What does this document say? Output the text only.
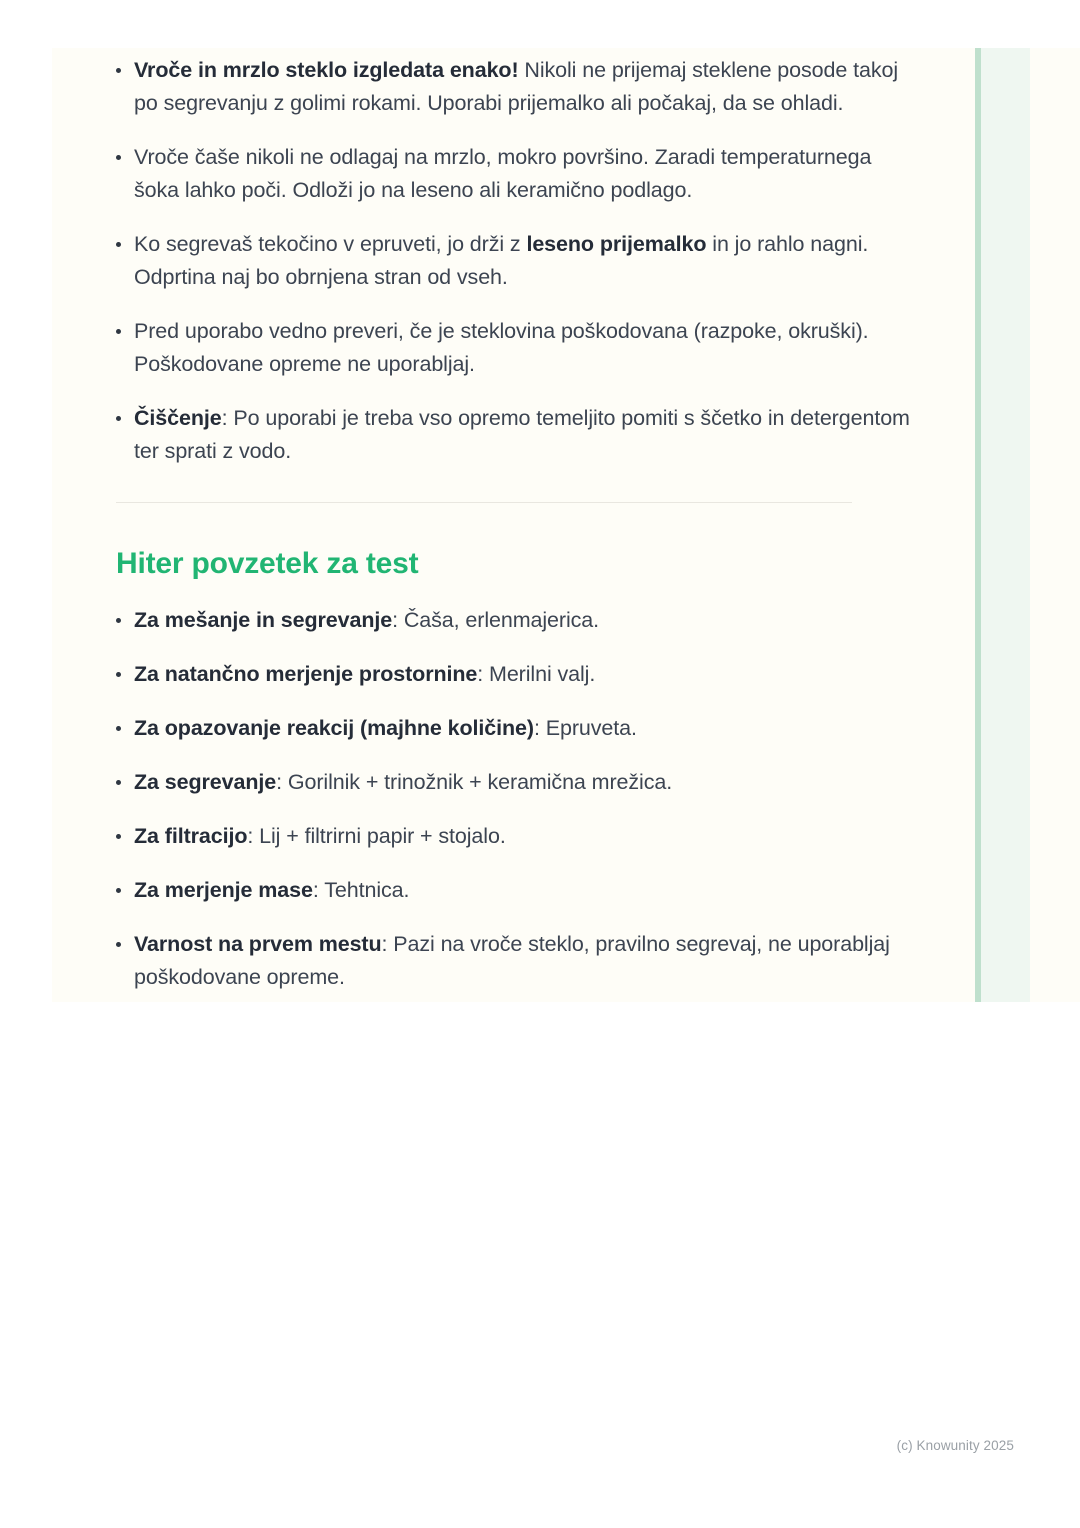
Vroče in mrzlo steklo izgledata enako! Nikoli ne prijemaj steklene posode takoj po segrevanju z golimi rokami. Uporabi prijemalko ali počakaj, da se ohladi.
Vroče čaše nikoli ne odlagaj na mrzlo, mokro površino. Zaradi temperaturnega šoka lahko poči. Odloži jo na leseno ali keramično podlago.
Ko segrevaš tekočino v epruveti, jo drži z leseno prijemalko in jo rahlo nagni. Odprtina naj bo obrnjena stran od vseh.
Pred uporabo vedno preveri, če je steklovina poškodovana (razpoke, okruški). Poškodovane opreme ne uporabljaj.
Čiščenje: Po uporabi je treba vso opremo temeljito pomiti s ščetko in detergentom ter sprati z vodo.
Hiter povzetek za test
Za mešanje in segrevanje: Čaša, erlenmajerica.
Za natančno merjenje prostornine: Merilni valj.
Za opazovanje reakcij (majhne količine): Epruveta.
Za segrevanje: Gorilnik + trinožnik + keramična mrežica.
Za filtracijo: Lij + filtrirni papir + stojalo.
Za merjenje mase: Tehtnica.
Varnost na prvem mestu: Pazi na vroče steklo, pravilno segrevaj, ne uporabljaj poškodovane opreme.
(c) Knowunity 2025
